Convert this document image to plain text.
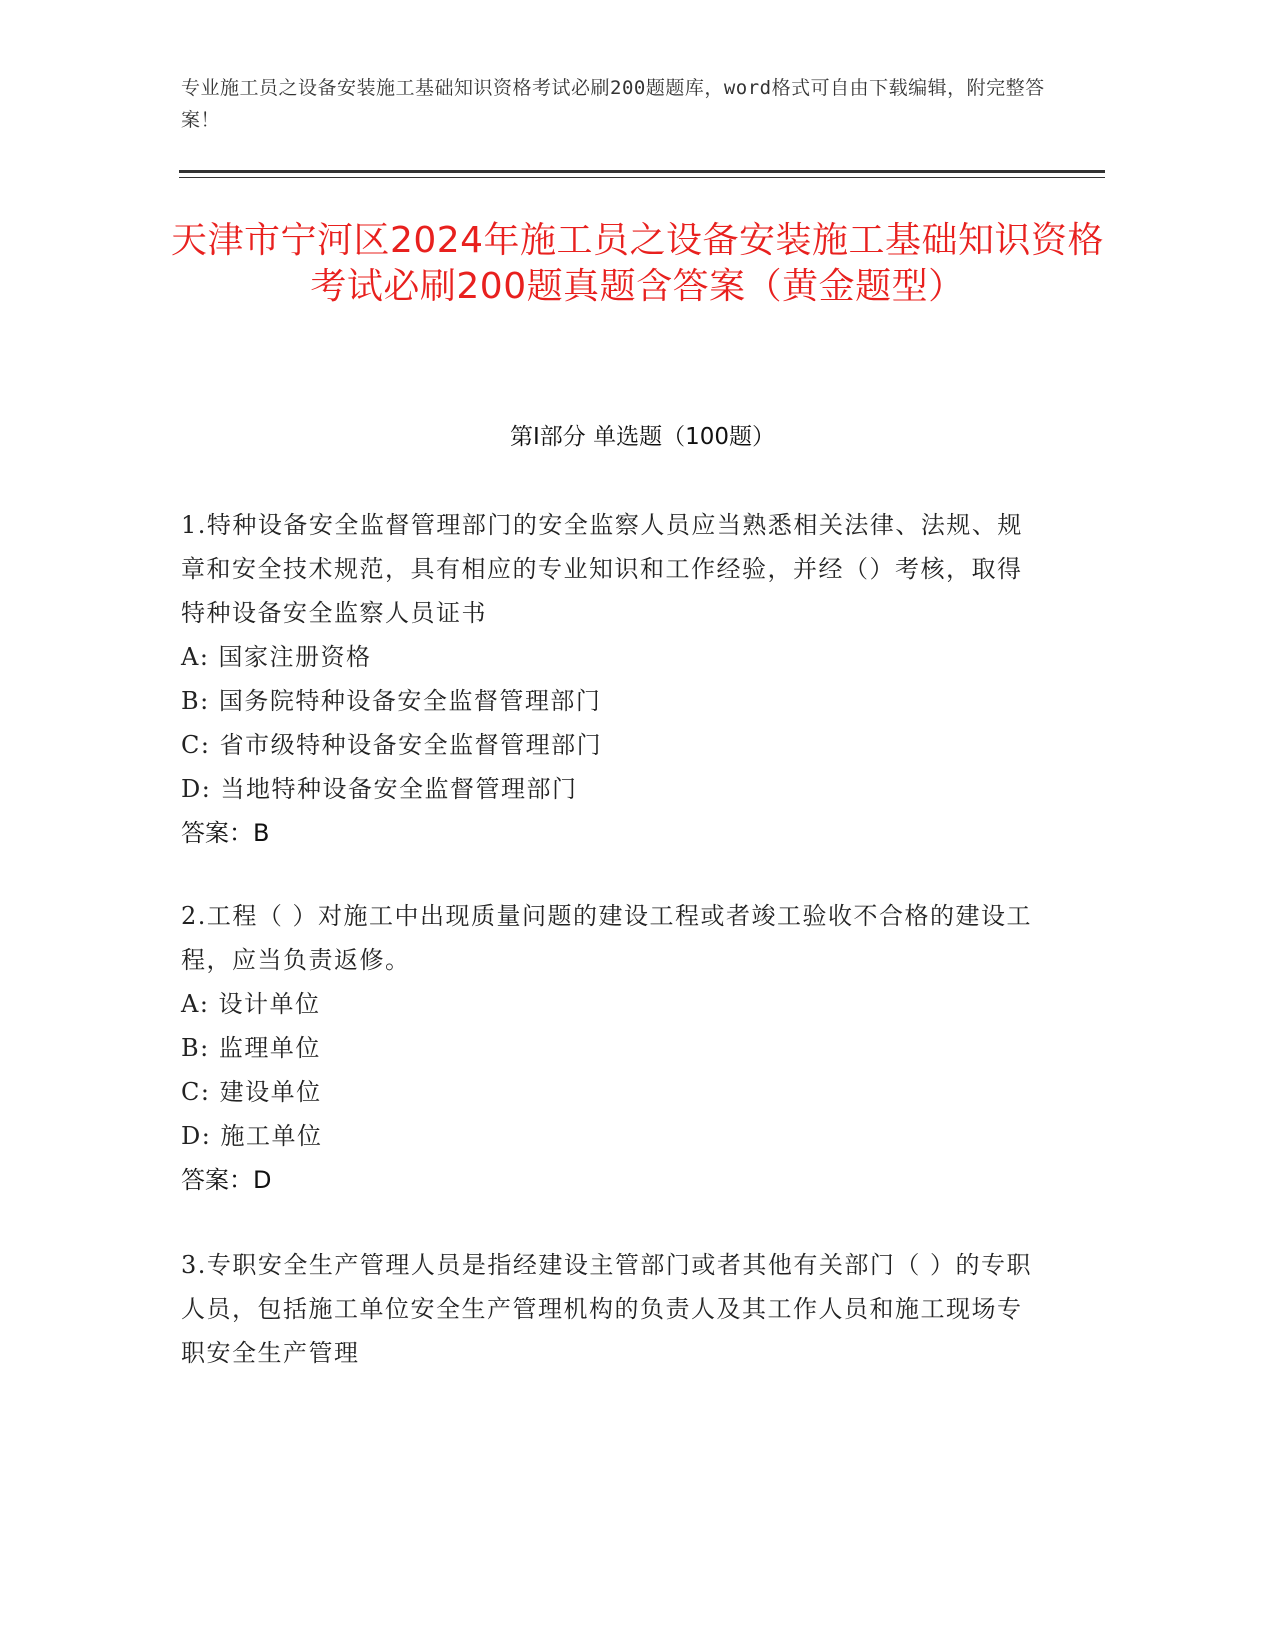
专业施工员之设备安装施工基础知识资格考试必刷200题题库，word格式可自由下载编辑，附完整答案！
天津市宁河区2024年施工员之设备安装施工基础知识资格考试必刷200题真题含答案（黄金题型）
第I部分 单选题（100题）
1.特种设备安全监督管理部门的安全监察人员应当熟悉相关法律、法规、规章和安全技术规范，具有相应的专业知识和工作经验，并经（）考核，取得特种设备安全监察人员证书
A: 国家注册资格
B: 国务院特种设备安全监督管理部门
C: 省市级特种设备安全监督管理部门
D: 当地特种设备安全监督管理部门
答案：B
2.工程（ ）对施工中出现质量问题的建设工程或者竣工验收不合格的建设工程，应当负责返修。
A: 设计单位
B: 监理单位
C: 建设单位
D: 施工单位
答案：D
3.专职安全生产管理人员是指经建设主管部门或者其他有关部门（ ）的专职人员，包括施工单位安全生产管理机构的负责人及其工作人员和施工现场专职安全生产管理
